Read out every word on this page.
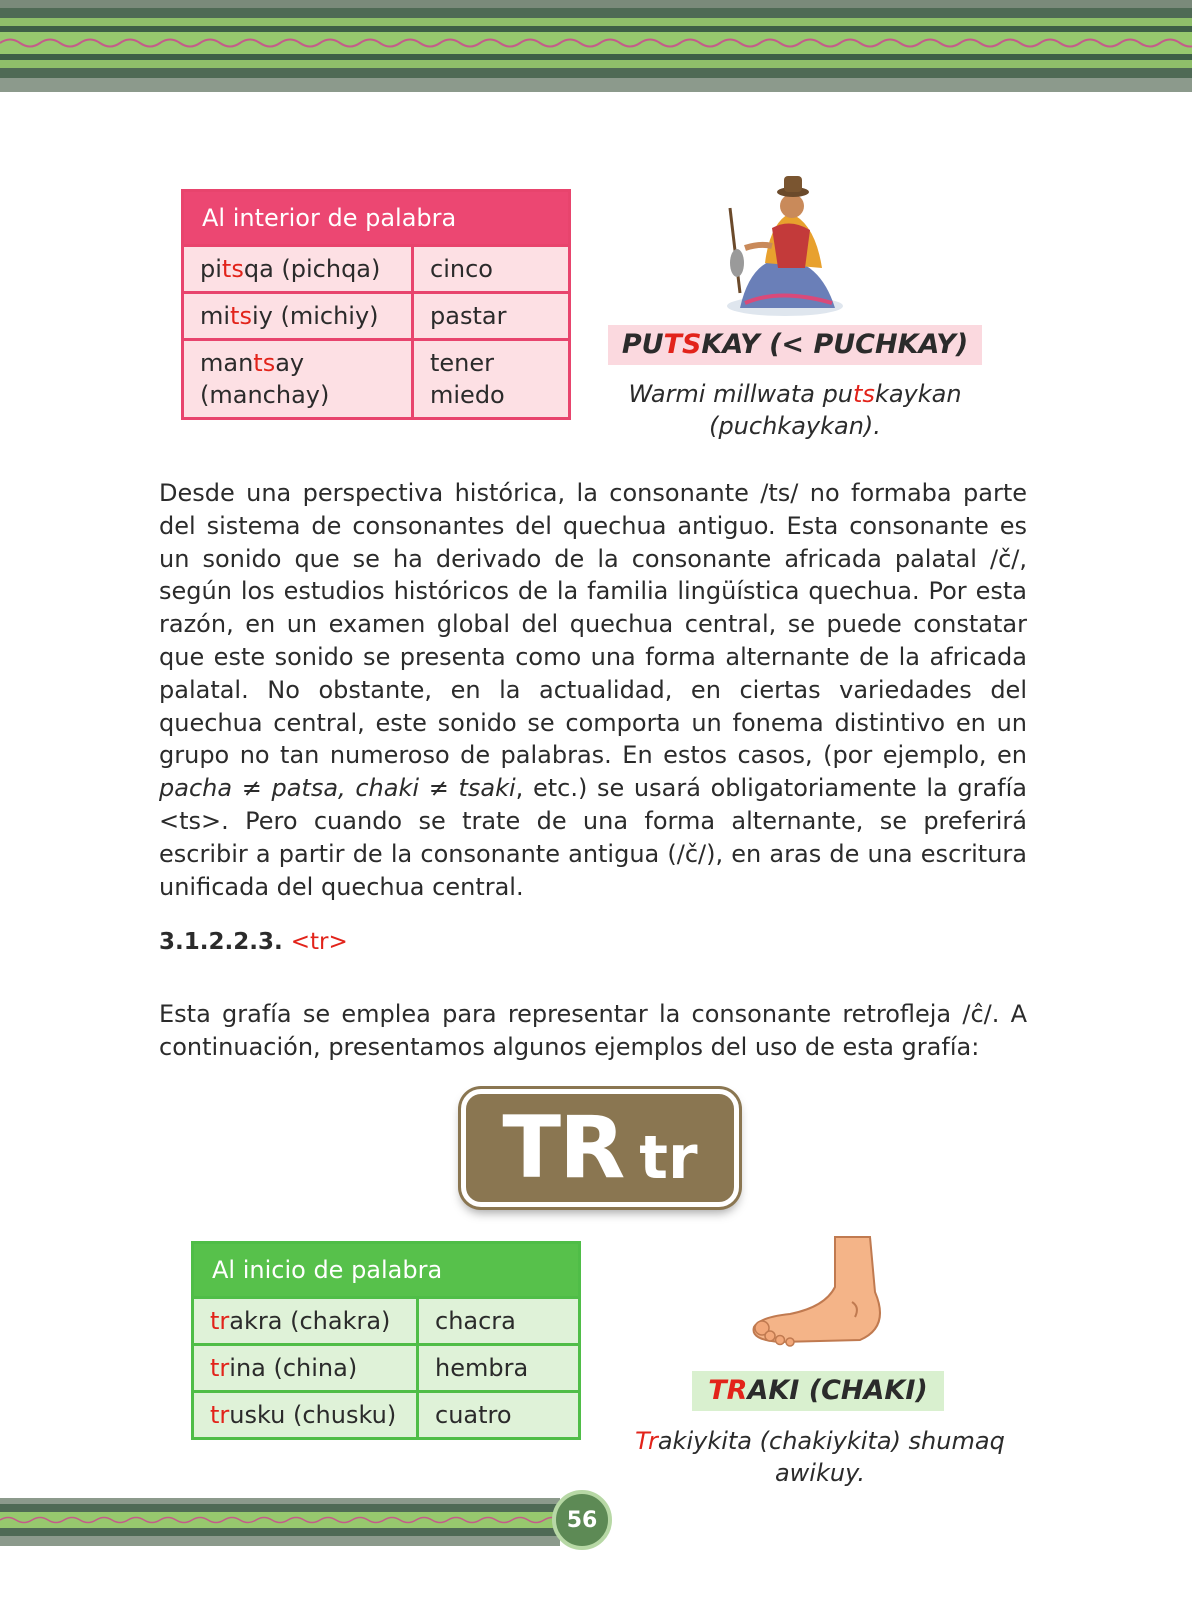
Al interior de palabra	
pitsqa (pichqa)	cinco
mitsiy (michiy)	pastar
mantsay (manchay)	tener miedo
PUTSKAY (< PUCHKAY)
Warmi millwata putskaykan (puchkaykan).
Desde una perspectiva histórica, la consonante /ts/ no formaba parte del sistema de consonantes del quechua antiguo. Esta consonante es un sonido que se ha derivado de la consonante africada palatal /č/, según los estudios históricos de la familia lingüística quechua. Por esta razón, en un examen global del quechua central, se puede constatar que este sonido se presenta como una forma alternante de la africada palatal. No obstante, en la actualidad, en ciertas variedades del quechua central, este sonido se comporta un fonema distintivo en un grupo no tan numeroso de palabras. En estos casos, (por ejemplo, en pacha ≠ patsa, chaki ≠ tsaki, etc.) se usará obligatoriamente la grafía <ts>. Pero cuando se trate de una forma alternante, se preferirá escribir a partir de la consonante antigua (/č/), en aras de una escritura unificada del quechua central.
3.1.2.2.3. <tr>
Esta grafía se emplea para representar la consonante retrofleja /ĉ/. A continuación, presentamos algunos ejemplos del uso de esta grafía:
TR tr
Al inicio de palabra	
trakra (chakra)	chacra
trina (china)	hembra
trusku (chusku)	cuatro
TRAKI (CHAKI)
Trakiykita (chakiykita) shumaq awikuy.
56
